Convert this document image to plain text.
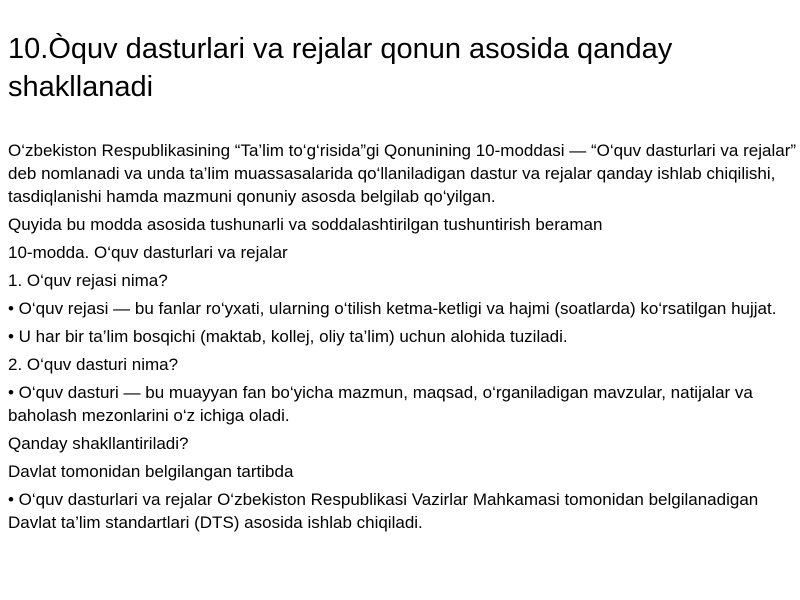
10.Òquv dasturlari va rejalar qonun asosida qanday shakllanadi

O‘zbekiston Respublikasining “Ta’lim to‘g‘risida”gi Qonunining 10-moddasi — “O‘quv dasturlari va rejalar” deb nomlanadi va unda ta’lim muassasalarida qo‘llaniladigan dastur va rejalar qanday ishlab chiqilishi, tasdiqlanishi hamda mazmuni qonuniy asosda belgilab qo‘yilgan.

Quyida bu modda asosida tushunarli va soddalashtirilgan tushuntirish beraman

10-modda. O‘quv dasturlari va rejalar

1. O‘quv rejasi nima?

• O‘quv rejasi — bu fanlar ro‘yxati, ularning o‘tilish ketma-ketligi va hajmi (soatlarda) ko‘rsatilgan hujjat.

• U har bir ta’lim bosqichi (maktab, kollej, oliy ta’lim) uchun alohida tuziladi.

2. O‘quv dasturi nima?

• O‘quv dasturi — bu muayyan fan bo‘yicha mazmun, maqsad, o‘rganiladigan mavzular, natijalar va baholash mezonlarini o‘z ichiga oladi.

Qanday shakllantiriladi?

Davlat tomonidan belgilangan tartibda

• O‘quv dasturlari va rejalar O‘zbekiston Respublikasi Vazirlar Mahkamasi tomonidan belgilanadigan Davlat ta’lim standartlari (DTS) asosida ishlab chiqiladi.
